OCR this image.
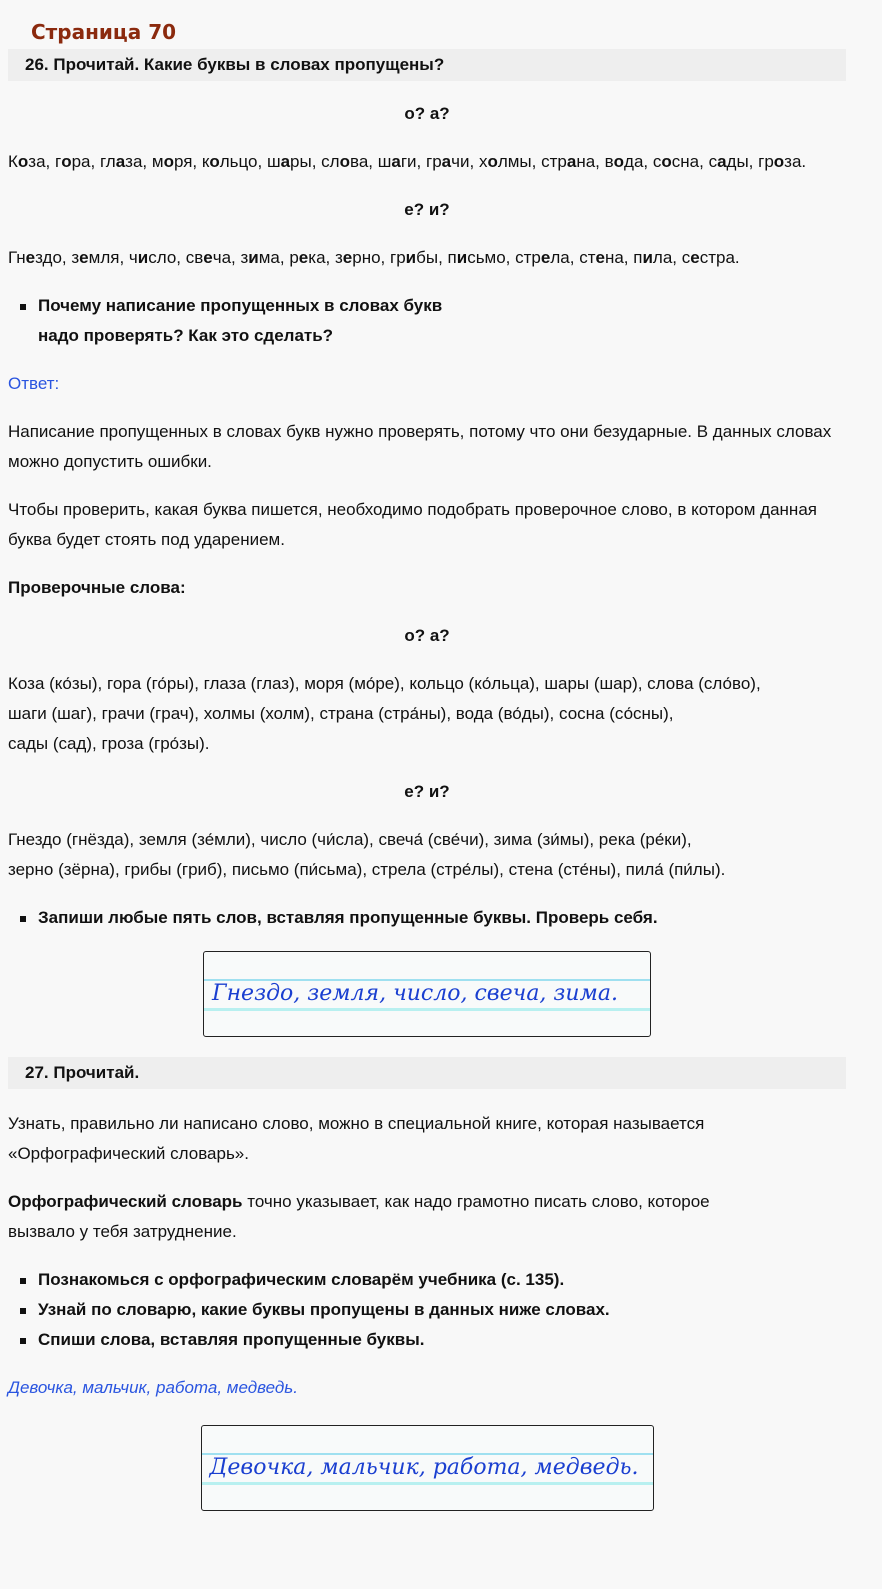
Страница 70
26. Прочитай. Какие буквы в словах пропущены?
о? а?

Коза, гора, глаза, моря, кольцо, шары, слова, шаги, грачи, холмы, страна, вода, сосна, сады, гроза.

е? и?

Гнездо, земля, число, свеча, зима, река, зерно, грибы, письмо, стрела, стена, пила, сестра.

Почему написание пропущенных в словах букв
надо проверять? Как это сделать?
Ответ:

Написание пропущенных в словах букв нужно проверять, потому что они безударные. В данных словах можно допустить ошибки.

Чтобы проверить, какая буква пишется, необходимо подобрать проверочное слово, в котором данная буква будет стоять под ударением.

Проверочные слова:

о? а?

Коза (ко́зы), гора (го́ры), глаза (глаз), моря (мо́ре), кольцо (ко́льца), шары (шар), слова (сло́во),
шаги (шаг), грачи (грач), холмы (холм), страна (стра́ны), вода (во́ды), сосна (со́сны),
сады (сад), гроза (гро́зы).

е? и?

Гнездо (гнёзда), земля (зе́мли), число (чи́сла), свеча́ (све́чи), зима (зи́мы), река (ре́ки),
зерно (зёрна), грибы (гриб), письмо (пи́сьма), стрела (стре́лы), стена (сте́ны), пила́ (пи́лы).

Запиши любые пять слов, вставляя пропущенные буквы. Проверь себя.
Гнездо, земля, число, свеча, зима.
27. Прочитай.

Узнать, правильно ли написано слово, можно в специальной книге, которая называется
«Орфографический словарь».

Орфографический словарь точно указывает, как надо грамотно писать слово, которое
вызвало у тебя затруднение.

Познакомься с орфографическим словарём учебника (с. 135).
Узнай по словарю, какие буквы пропущены в данных ниже словах.
Спиши слова, вставляя пропущенные буквы.
Девочка, мальчик, работа, медведь.
Девочка, мальчик, работа, медведь.
